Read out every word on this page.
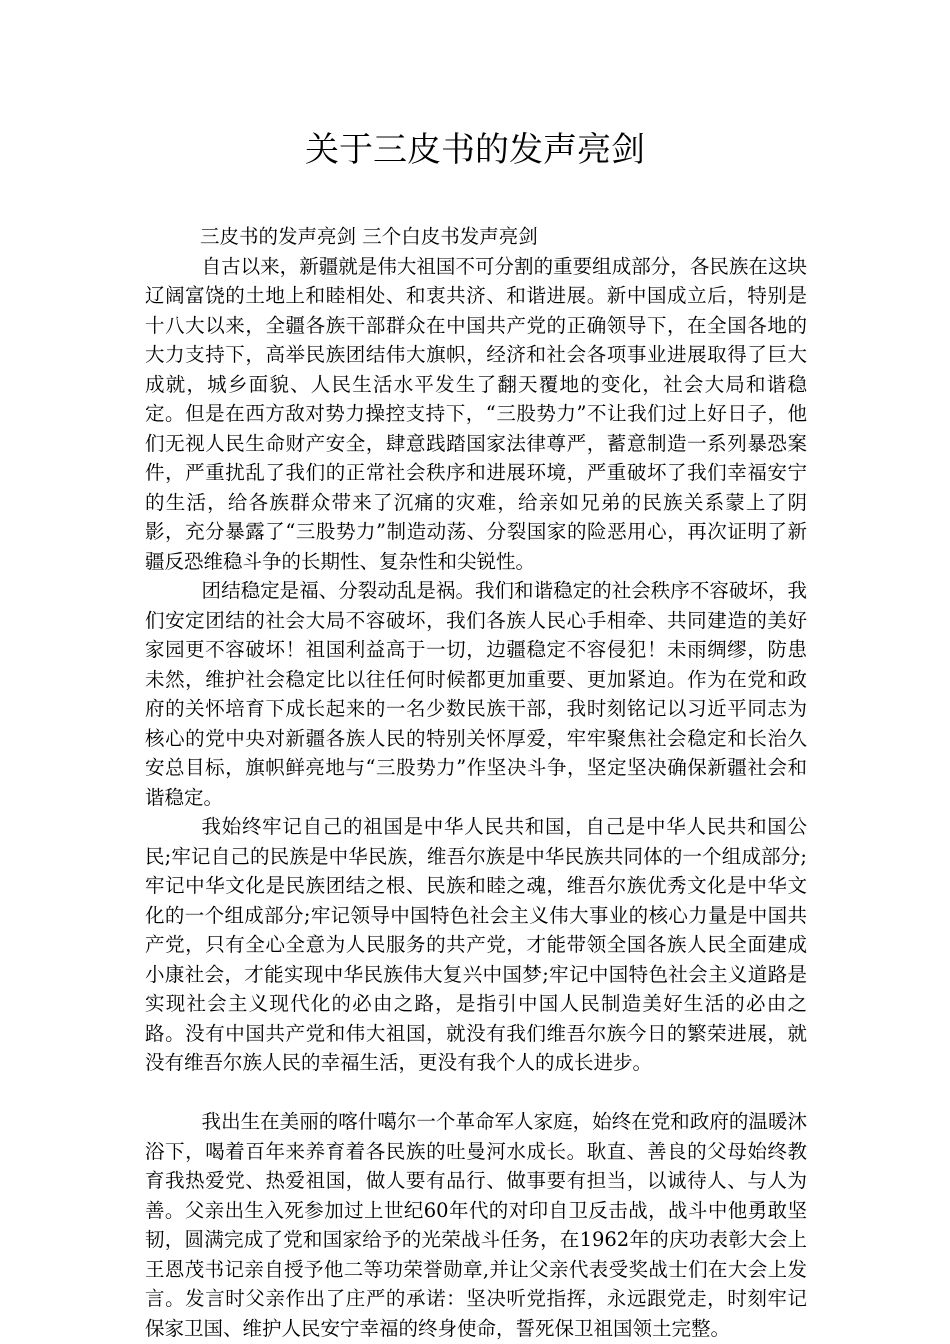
关于三皮书的发声亮剑

三皮书的发声亮剑 三个白皮书发声亮剑

自古以来，新疆就是伟大祖国不可分割的重要组成部分，各民族在这块辽阔富饶的土地上和睦相处、和衷共济、和谐进展。新中国成立后，特别是十八大以来，全疆各族干部群众在中国共产党的正确领导下，在全国各地的大力支持下，高举民族团结伟大旗帜，经济和社会各项事业进展取得了巨大成就，城乡面貌、人民生活水平发生了翻天覆地的变化，社会大局和谐稳定。但是在西方敌对势力操控支持下，“三股势力”不让我们过上好日子，他们无视人民生命财产安全，肆意践踏国家法律尊严，蓄意制造一系列暴恐案件，严重扰乱了我们的正常社会秩序和进展环境，严重破坏了我们幸福安宁的生活，给各族群众带来了沉痛的灾难，给亲如兄弟的民族关系蒙上了阴影，充分暴露了“三股势力”制造动荡、分裂国家的险恶用心，再次证明了新疆反恐维稳斗争的长期性、复杂性和尖锐性。

团结稳定是福、分裂动乱是祸。我们和谐稳定的社会秩序不容破坏，我们安定团结的社会大局不容破坏，我们各族人民心手相牵、共同建造的美好家园更不容破坏！祖国利益高于一切，边疆稳定不容侵犯！未雨绸缪，防患未然，维护社会稳定比以往任何时候都更加重要、更加紧迫。作为在党和政府的关怀培育下成长起来的一名少数民族干部，我时刻铭记以习近平同志为核心的党中央对新疆各族人民的特别关怀厚爱，牢牢聚焦社会稳定和长治久安总目标，旗帜鲜亮地与“三股势力”作坚决斗争，坚定坚决确保新疆社会和谐稳定。

我始终牢记自己的祖国是中华人民共和国，自己是中华人民共和国公民;牢记自己的民族是中华民族，维吾尔族是中华民族共同体的一个组成部分;牢记中华文化是民族团结之根、民族和睦之魂，维吾尔族优秀文化是中华文化的一个组成部分;牢记领导中国特色社会主义伟大事业的核心力量是中国共产党，只有全心全意为人民服务的共产党，才能带领全国各族人民全面建成小康社会，才能实现中华民族伟大复兴中国梦;牢记中国特色社会主义道路是实现社会主义现代化的必由之路，是指引中国人民制造美好生活的必由之路。没有中国共产党和伟大祖国，就没有我们维吾尔族今日的繁荣进展，就没有维吾尔族人民的幸福生活，更没有我个人的成长进步。

我出生在美丽的喀什噶尔一个革命军人家庭，始终在党和政府的温暖沐浴下，喝着百年来养育着各民族的吐曼河水成长。耿直、善良的父母始终教育我热爱党、热爱祖国，做人要有品行、做事要有担当，以诚待人、与人为善。父亲出生入死参加过上世纪60年代的对印自卫反击战，战斗中他勇敢坚韧，圆满完成了党和国家给予的光荣战斗任务，在1962年的庆功表彰大会上王恩茂书记亲自授予他二等功荣誉勋章,并让父亲代表受奖战士们在大会上发言。发言时父亲作出了庄严的承诺：坚决听党指挥，永远跟党走，时刻牢记保家卫国、维护人民安宁幸福的终身使命，誓死保卫祖国领土完整。
